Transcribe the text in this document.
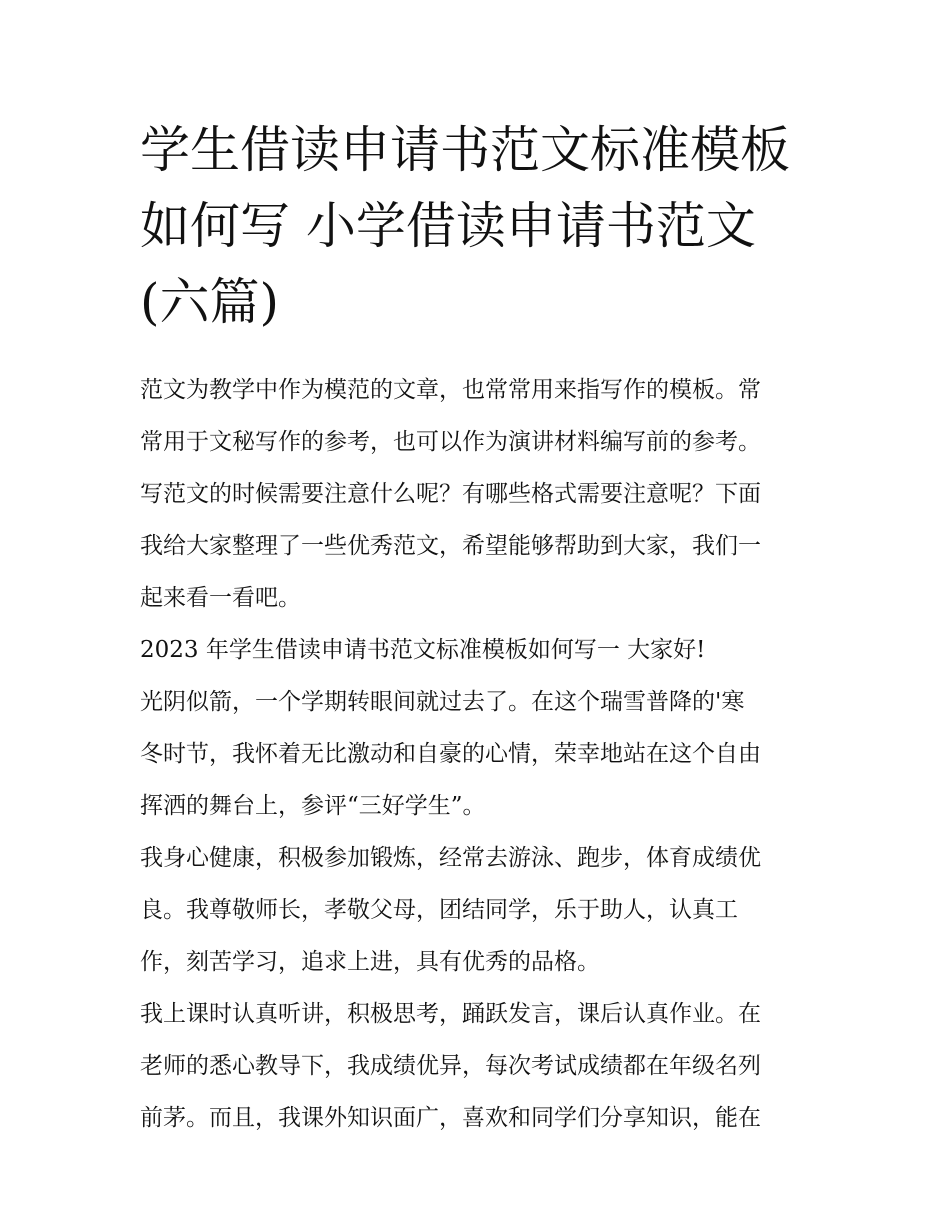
学生借读申请书范文标准模板
如何写 小学借读申请书范文
(六篇)

范文为教学中作为模范的文章，也常常用来指写作的模板。常
常用于文秘写作的参考，也可以作为演讲材料编写前的参考。
写范文的时候需要注意什么呢？有哪些格式需要注意呢？下面
我给大家整理了一些优秀范文，希望能够帮助到大家，我们一
起来看一看吧。

2023 年学生借读申请书范文标准模板如何写一 大家好!

光阴似箭，一个学期转眼间就过去了。在这个瑞雪普降的'寒
冬时节，我怀着无比激动和自豪的心情，荣幸地站在这个自由
挥洒的舞台上，参评“三好学生”。

我身心健康，积极参加锻炼，经常去游泳、跑步，体育成绩优
良。我尊敬师长，孝敬父母，团结同学，乐于助人，认真工
作，刻苦学习，追求上进，具有优秀的品格。

我上课时认真听讲，积极思考，踊跃发言，课后认真作业。在
老师的悉心教导下，我成绩优异，每次考试成绩都在年级名列
前茅。而且，我课外知识面广，喜欢和同学们分享知识，能在
